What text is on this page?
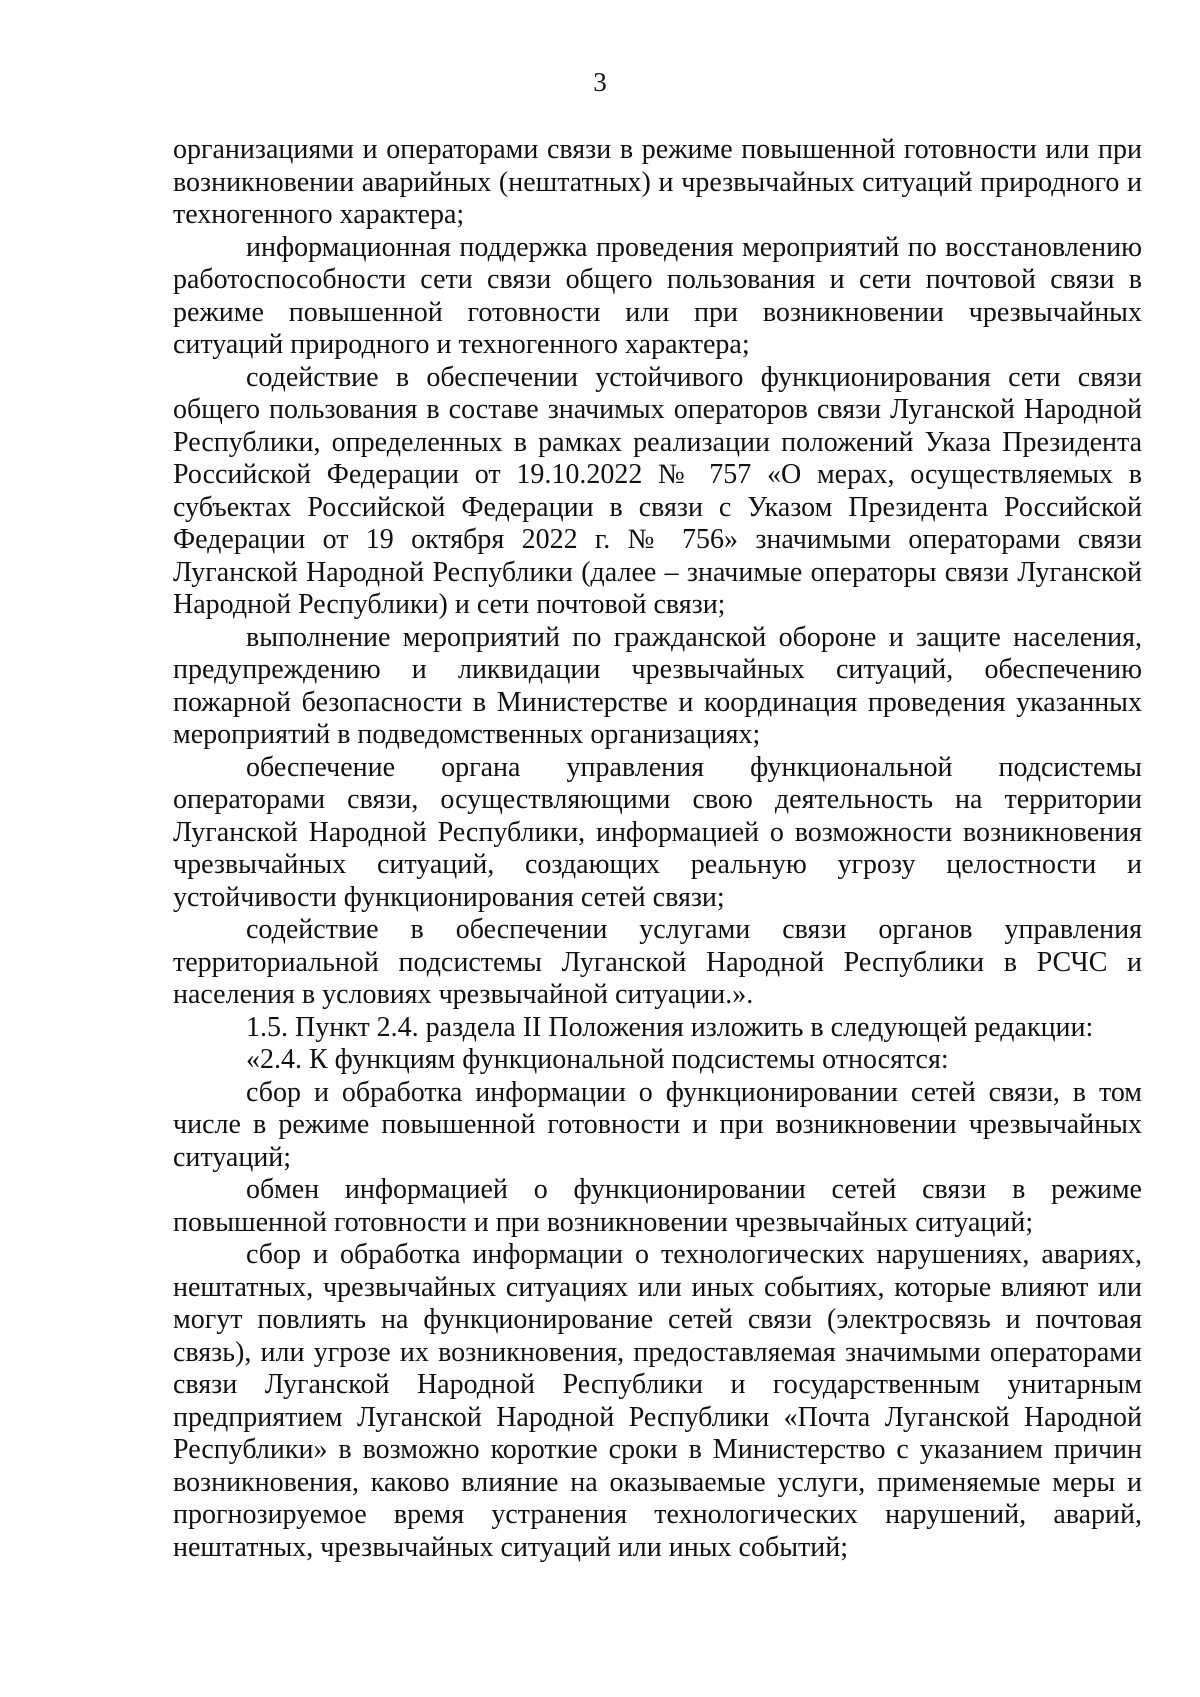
3

организациями и операторами связи в режиме повышенной готовности или при возникновении аварийных (нештатных) и чрезвычайных ситуаций природного и техногенного характера;

информационная поддержка проведения мероприятий по восстановлению работоспособности сети связи общего пользования и сети почтовой связи в режиме повышенной готовности или при возникновении чрезвычайных ситуаций природного и техногенного характера;

содействие в обеспечении устойчивого функционирования сети связи общего пользования в составе значимых операторов связи Луганской Народной Республики, определенных в рамках реализации положений Указа Президента Российской Федерации от 19.10.2022 № 757 «О мерах, осуществляемых в субъектах Российской Федерации в связи с Указом Президента Российской Федерации от 19 октября 2022 г. № 756» значимыми операторами связи Луганской Народной Республики (далее – значимые операторы связи Луганской Народной Республики) и сети почтовой связи;

выполнение мероприятий по гражданской обороне и защите населения, предупреждению и ликвидации чрезвычайных ситуаций, обеспечению пожарной безопасности в Министерстве и координация проведения указанных мероприятий в подведомственных организациях;

обеспечение органа управления функциональной подсистемы операторами связи, осуществляющими свою деятельность на территории Луганской Народной Республики, информацией о возможности возникновения чрезвычайных ситуаций, создающих реальную угрозу целостности и устойчивости функционирования сетей связи;

содействие в обеспечении услугами связи органов управления территориальной подсистемы Луганской Народной Республики в РСЧС и населения в условиях чрезвычайной ситуации.».

1.5. Пункт 2.4. раздела II Положения изложить в следующей редакции:

«2.4. К функциям функциональной подсистемы относятся:

сбор и обработка информации о функционировании сетей связи, в том числе в режиме повышенной готовности и при возникновении чрезвычайных ситуаций;

обмен информацией о функционировании сетей связи в режиме повышенной готовности и при возникновении чрезвычайных ситуаций;

сбор и обработка информации о технологических нарушениях, авариях, нештатных, чрезвычайных ситуациях или иных событиях, которые влияют или могут повлиять на функционирование сетей связи (электросвязь и почтовая связь), или угрозе их возникновения, предоставляемая значимыми операторами связи Луганской Народной Республики и государственным унитарным предприятием Луганской Народной Республики «Почта Луганской Народной Республики» в возможно короткие сроки в Министерство с указанием причин возникновения, каково влияние на оказываемые услуги, применяемые меры и прогнозируемое время устранения технологических нарушений, аварий, нештатных, чрезвычайных ситуаций или иных событий;
